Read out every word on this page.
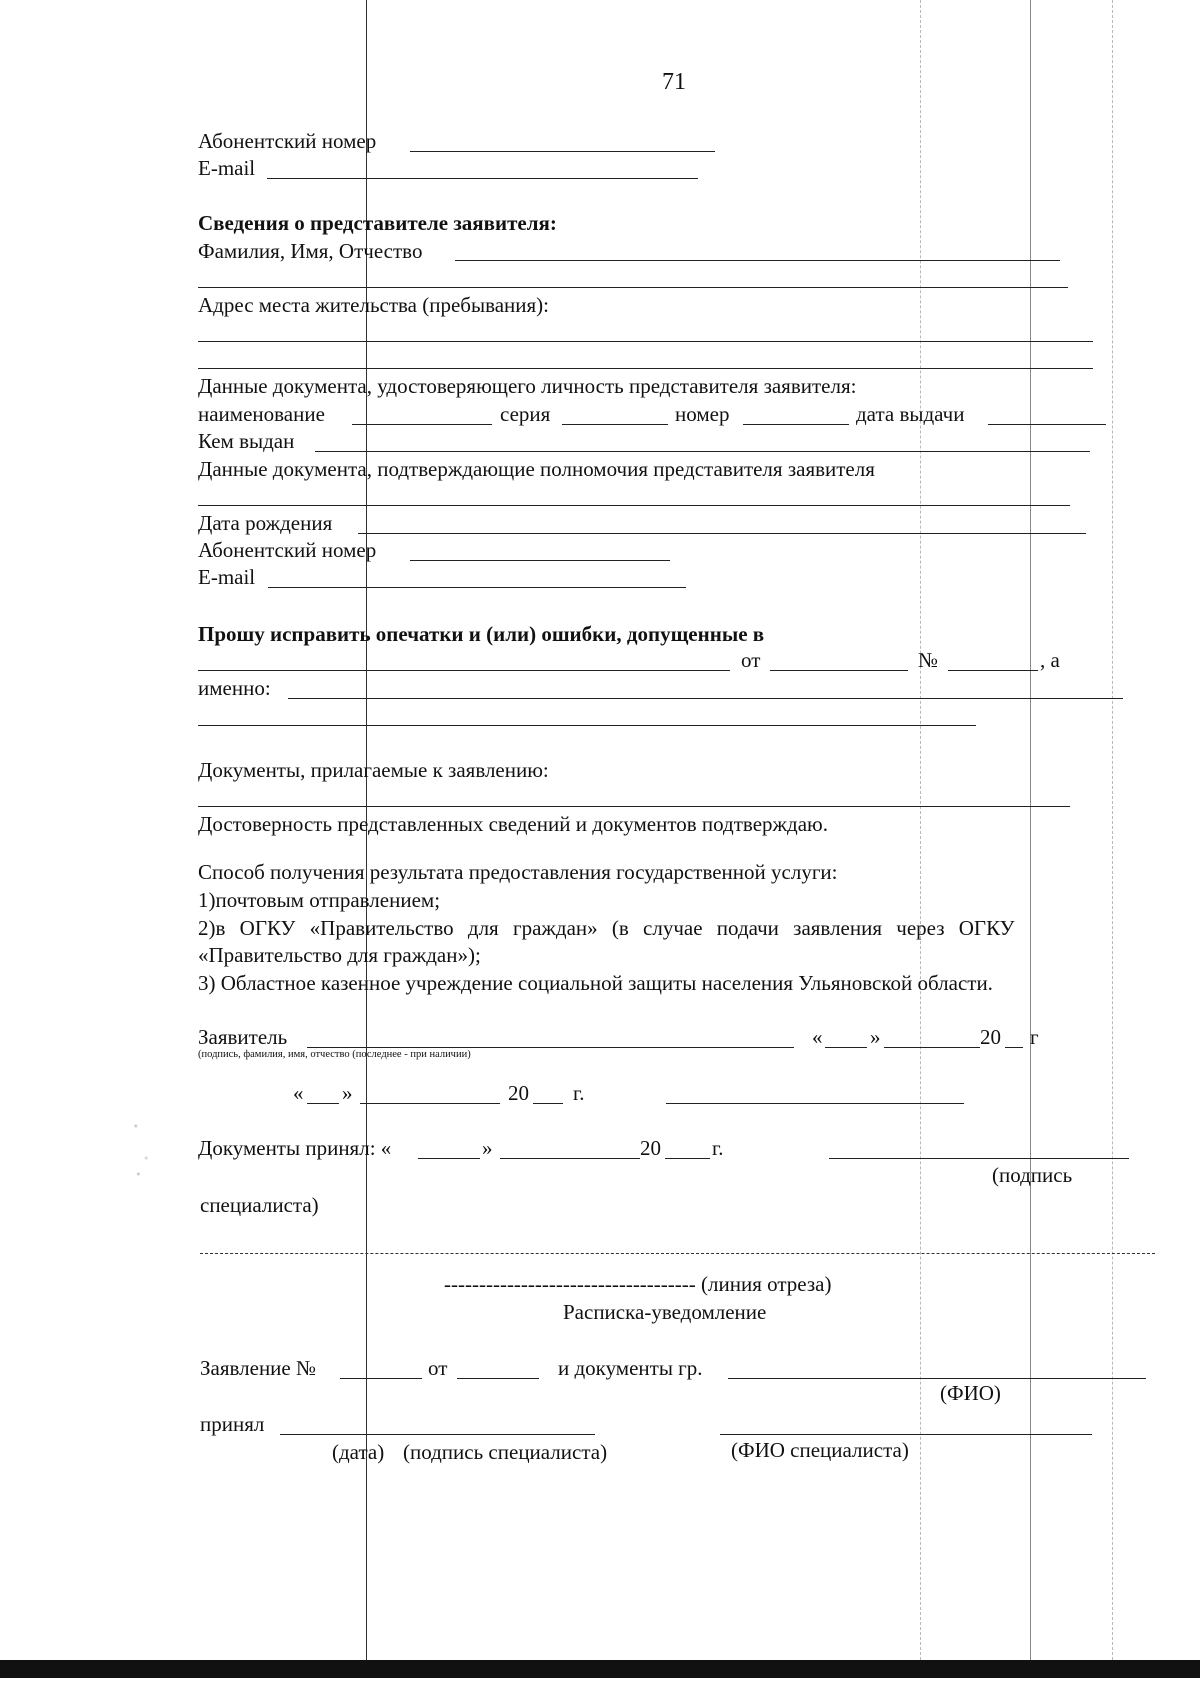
71
Абонентский номер
E-mail
Сведения о представителе заявителя:
Фамилия, Имя, Отчество
Адрес места жительства (пребывания):
Данные документа, удостоверяющего личность представителя заявителя:
наименование	серия	номер	дата выдачи
Кем выдан
Данные документа, подтверждающие полномочия представителя заявителя
Дата рождения
Абонентский номер
E-mail
Прошу исправить опечатки и (или) ошибки, допущенные в
от	№	, а
именно:
Документы, прилагаемые к заявлению:
Достоверность представленных сведений и документов подтверждаю.
Способ получения результата предоставления государственной услуги:
1)почтовым отправлением;
2)в ОГКУ «Правительство для граждан» (в случае подачи заявления через ОГКУ
«Правительство для граждан»);
3) Областное казенное учреждение социальной защиты населения Ульяновской области.
Заявитель	« »	20 г
(подпись, фамилия, имя, отчество (последнее - при наличии)
« »	20 г.
Документы принял: «	»	20 г.
(подпись
специалиста)
------------------------------------ (линия отреза)
Расписка-уведомление
Заявление №	от	и документы гр.
(ФИО)
принял
(дата) (подпись специалиста)	(ФИО специалиста)
